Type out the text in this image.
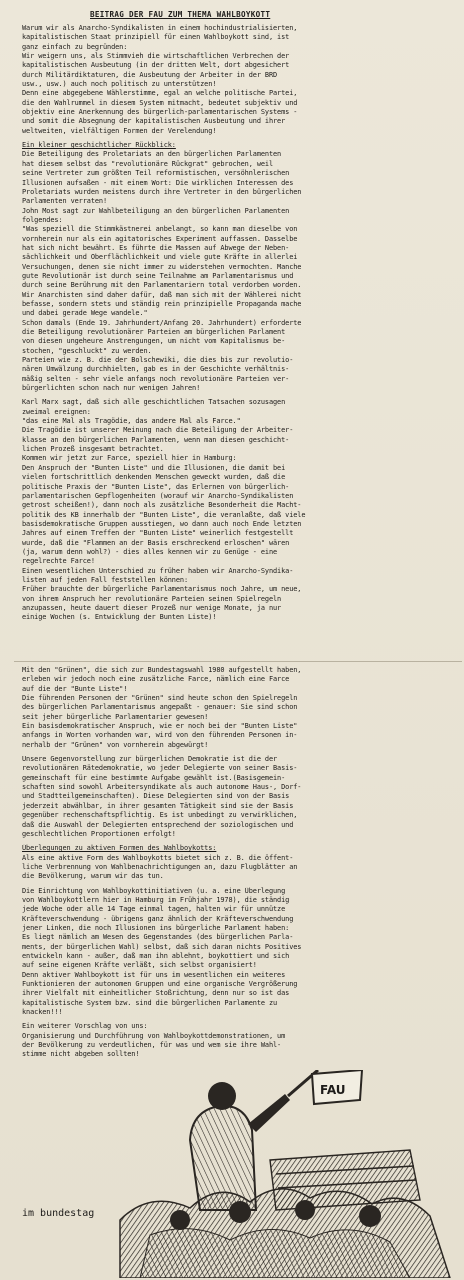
BEITRAG DER FAU ZUM THEMA WAHLBOYKOTT
Warum wir als Anarcho-Syndikalisten in einem hochindustrialisierten,
kapitalistischen Staat prinzipiell für einen Wahlboykott sind, ist
ganz einfach zu begründen:
Wir weigern uns, als Stimmvieh die wirtschaftlichen Verbrechen der
kapitalistischen Ausbeutung (in der dritten Welt, dort abgesichert
durch Militärdiktaturen, die Ausbeutung der Arbeiter in der BRD
usw., usw.) auch noch politisch zu unterstützen!
Denn eine abgegebene Wählerstimme, egal an welche politische Partei,
die den Wahlrummel in diesem System mitmacht, bedeutet subjektiv und
objektiv eine Anerkennung des bürgerlich-parlamentarischen Systems -
und somit die Absegnung der kapitalistischen Ausbeutung und ihrer
weltweiten, vielfältigen Formen der Verelendung!
Ein kleiner geschichtlicher Rückblick:
Die Beteiligung des Proletariats an den bürgerlichen Parlamenten
hat diesem selbst das "revolutionäre Rückgrat" gebrochen, weil
seine Vertreter zum größten Teil reformistischen, versöhnlerischen
Illusionen aufsaßen - mit einem Wort: Die wirklichen Interessen des
Proletariats wurden meistens durch ihre Vertreter in den bürgerlichen
Parlamenten verraten!
John Most sagt zur Wahlbeteiligung an den bürgerlichen Parlamenten
folgendes:
"Was speziell die Stimmkästnerei anbelangt, so kann man dieselbe von
vornherein nur als ein agitatorisches Experiment auffassen. Dasselbe
hat sich nicht bewährt. Es führte die Massen auf Abwege der Neben-
sächlichkeit und Oberflächlichkeit und viele gute Kräfte in allerlei
Versuchungen, denen sie nicht immer zu widerstehen vermochten. Manche
gute Revolutionär ist durch seine Teilnahme am Parlamentarismus und
durch seine Berührung mit den Parlamentariern total verdorben worden.
Wir Anarchisten sind daher dafür, daß man sich mit der Wählerei nicht
befasse, sondern stets und ständig rein prinzipielle Propaganda mache
und dabei gerade Wege wandele."
Schon damals (Ende 19. Jahrhundert/Anfang 20. Jahrhundert) erforderte
die Beteiligung revolutionärer Parteien am bürgerlichen Parlament
von diesen ungeheure Anstrengungen, um nicht vom Kapitalismus be-
stochen, "geschluckt" zu werden.
Parteien wie z. B. die der Bolschewiki, die dies bis zur revolutio-
nären Umwälzung durchhielten, gab es in der Geschichte verhältnis-
mäßig selten - sehr viele anfangs noch revolutionäre Parteien ver-
bürgerlichten schon nach nur wenigen Jahren!
Karl Marx sagt, daß sich alle geschichtlichen Tatsachen sozusagen
zweimal ereignen:
"das eine Mal als Tragödie, das andere Mal als Farce."
Die Tragödie ist unserer Meinung nach die Beteiligung der Arbeiter-
klasse an den bürgerlichen Parlamenten, wenn man diesen geschicht-
lichen Prozeß insgesamt betrachtet.
Kommen wir jetzt zur Farce, speziell hier in Hamburg:
Den Anspruch der "Bunten Liste" und die Illusionen, die damit bei
vielen fortschrittlich denkenden Menschen geweckt wurden, daß die
politische Praxis der "Bunten Liste", das Erlernen von bürgerlich-
parlamentarischen Gepflogenheiten (worauf wir Anarcho-Syndikalisten
getrost scheißen!), dann noch als zusätzliche Besonderheit die Macht-
politik des KB innerhalb der "Bunten Liste", die veranlaßte, daß viele
basisdemokratische Gruppen ausstiegen, wo dann auch noch Ende letzten
Jahres auf einem Treffen der "Bunten Liste" weinerlich festgestellt
wurde, daß die "Flammen an der Basis erschreckend erloschen" wären
(ja, warum denn wohl?) - dies alles kennen wir zu Genüge - eine
regelrechte Farce!
Einen wesentlichen Unterschied zu früher haben wir Anarcho-Syndika-
listen auf jeden Fall feststellen können:
Früher brauchte der bürgerliche Parlamentarismus noch Jahre, um neue,
von ihrem Anspruch her revolutionäre Parteien seinen Spielregeln
anzupassen, heute dauert dieser Prozeß nur wenige Monate, ja nur
einige Wochen (s. Entwicklung der Bunten Liste)!
Mit den "Grünen", die sich zur Bundestagswahl 1980 aufgestellt haben,
erleben wir jedoch noch eine zusätzliche Farce, nämlich eine Farce
auf die der "Bunte Liste"!
Die führenden Personen der "Grünen" sind heute schon den Spielregeln
des bürgerlichen Parlamentarismus angepaßt - genauer: Sie sind schon
seit jeher bürgerliche Parlamentarier gewesen!
Ein basisdemokratischer Anspruch, wie er noch bei der "Bunten Liste"
anfangs in Worten vorhanden war, wird von den führenden Personen in-
nerhalb der "Grünen" von vornherein abgewürgt!
Unsere Gegenvorstellung zur bürgerlichen Demokratie ist die der
revolutionären Rätedemokratie, wo jeder Delegierte von seiner Basis-
gemeinschaft für eine bestimmte Aufgabe gewählt ist.(Basisgemein-
schaften sind sowohl Arbeitersyndikate als auch autonome Haus-, Dorf-
und Stadtteilgemeinschaften). Diese Delegierten sind von der Basis
jederzeit abwählbar, in ihrer gesamten Tätigkeit sind sie der Basis
gegenüber rechenschaftspflichtig. Es ist unbedingt zu verwirklichen,
daß die Auswahl der Delegierten entsprechend der soziologischen und
geschlechtlichen Proportionen erfolgt!
Überlegungen zu aktiven Formen des Wahlboykotts:
Als eine aktive Form des Wahlboykotts bietet sich z. B. die öffent-
liche Verbrennung von Wahlbenachrichtigungen an, dazu Flugblätter an
die Bevölkerung, warum wir das tun.
Die Einrichtung von Wahlboykottinitiativen (u. a. eine Überlegung
von Wahlboykottlern hier in Hamburg im Frühjahr 1978), die ständig
jede Woche oder alle 14 Tage einmal tagen, halten wir für unnütze
Kräfteverschwendung - übrigens ganz ähnlich der Kräfteverschwendung
jener Linken, die noch Illusionen ins bürgerliche Parlament haben:
Es liegt nämlich am Wesen des Gegenstandes (des bürgerlichen Parla-
ments, der bürgerlichen Wahl) selbst, daß sich daran nichts Positives
entwickeln kann - außer, daß man ihn ablehnt, boykottiert und sich
auf seine eigenen Kräfte verläßt, sich selbst organisiert!
Denn aktiver Wahlboykott ist für uns im wesentlichen ein weiteres
Funktionieren der autonomen Gruppen und eine organische Vergrößerung
ihrer Vielfalt mit einheitlicher Stoßrichtung, denn nur so ist das
kapitalistische System bzw. sind die bürgerlichen Parlamente zu
knacken!!!
Ein weiterer Vorschlag von uns:
Organisierung und Durchführung von Wahlboykottdemonstrationen, um
der Bevölkerung zu verdeutlichen, für was und wem sie ihre Wahl-
stimme nicht abgeben sollten!
FAU
im bundestag
